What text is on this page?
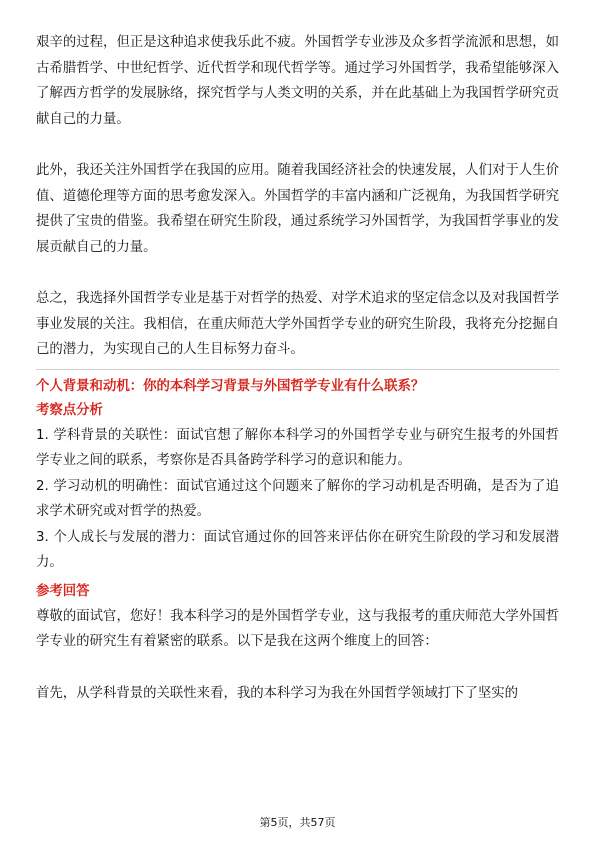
艰辛的过程，但正是这种追求使我乐此不疲。外国哲学专业涉及众多哲学流派和思想，如古希腊哲学、中世纪哲学、近代哲学和现代哲学等。通过学习外国哲学，我希望能够深入了解西方哲学的发展脉络，探究哲学与人类文明的关系，并在此基础上为我国哲学研究贡献自己的力量。

此外，我还关注外国哲学在我国的应用。随着我国经济社会的快速发展，人们对于人生价值、道德伦理等方面的思考愈发深入。外国哲学的丰富内涵和广泛视角，为我国哲学研究提供了宝贵的借鉴。我希望在研究生阶段，通过系统学习外国哲学，为我国哲学事业的发展贡献自己的力量。

总之，我选择外国哲学专业是基于对哲学的热爱、对学术追求的坚定信念以及对我国哲学事业发展的关注。我相信，在重庆师范大学外国哲学专业的研究生阶段，我将充分挖掘自己的潜力，为实现自己的人生目标努力奋斗。

个人背景和动机：你的本科学习背景与外国哲学专业有什么联系？

考察点分析

1. 学科背景的关联性：面试官想了解你本科学习的外国哲学专业与研究生报考的外国哲学专业之间的联系，考察你是否具备跨学科学习的意识和能力。

2. 学习动机的明确性：面试官通过这个问题来了解你的学习动机是否明确，是否为了追求学术研究或对哲学的热爱。

3. 个人成长与发展的潜力：面试官通过你的回答来评估你在研究生阶段的学习和发展潜力。

参考回答

尊敬的面试官，您好！我本科学习的是外国哲学专业，这与我报考的重庆师范大学外国哲学专业的研究生有着紧密的联系。以下是我在这两个维度上的回答：

首先，从学科背景的关联性来看，我的本科学习为我在外国哲学领域打下了坚实的

第5页，共57页
